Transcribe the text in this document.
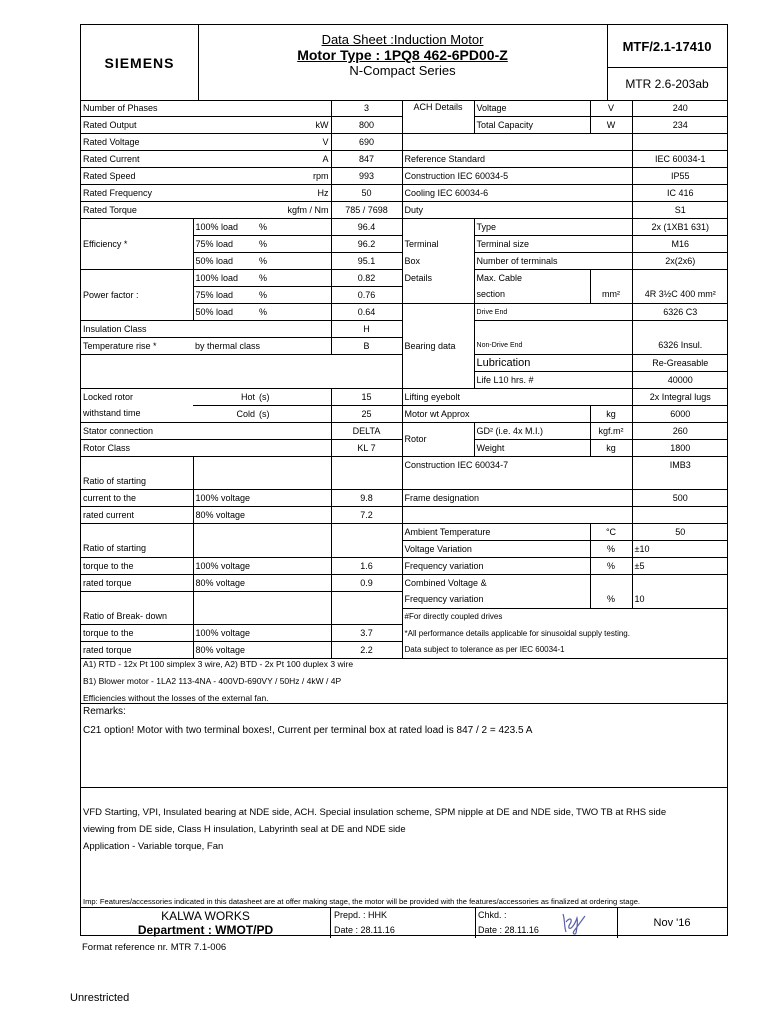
SIEMENS
Data Sheet :Induction Motor
Motor Type : 1PQ8 462-6PD00-Z
N-Compact Series
MTF/2.1-17410
MTR 2.6-203ab
Number of Phases			3	ACH Details	Voltage	V	240
Rated Output		kW	800		Total Capacity	W	234
Rated Voltage		V	690				
Rated Current		A	847	Reference Standard			IEC 60034-1
Rated Speed		rpm	993	Construction IEC 60034-5			IP55
Rated Frequency		Hz	50	Cooling IEC 60034-6			IC 416
Rated Torque		kgfm / Nm	785 / 7698	Duty			S1
Efficiency *	100% load	%	96.4		Type		2x (1XB1 631)
	75% load	%	96.2	Terminal	Terminal size		M16
	50% load	%	95.1	Box	Number of terminals		2x(2x6)
Power factor :	100% load	%	0.82	Details	Max. Cable		
	75% load	%	0.76		section	mm²	4R 3½C 400 mm²
	50% load	%	0.64	Bearing data	Drive End		6326 C3
Insulation Class			H				
Temperature rise *	by thermal class		B		Non-Drive End		6326 Insul.
					Lubrication		Re-Greasable
					Life L10 hrs. #		40000
Locked rotor	Hot	(s)	15	Lifting eyebolt			2x Integral lugs
withstand time	Cold	(s)	25	Motor wt Approx		kg	6000
Stator connection			DELTA	Rotor	GD² (i.e. 4x M.I.)	kgf.m²	260
Rotor Class			KL 7		Weight	kg	1800
				Construction IEC 60034-7			IMB3
Ratio of starting							
current to the	100% voltage		9.8	Frame designation			500
rated current	80% voltage		7.2				
				Ambient Temperature		°C	50
Ratio of starting				Voltage Variation		%	±10
torque to the	100% voltage		1.6	Frequency variation		%	±5
rated torque	80% voltage		0.9	Combined Voltage &			
				Frequency variation		%	10
Ratio of Break- down				#For directly coupled drives			
torque to the	100% voltage		3.7	*All performance details applicable for sinusoidal supply testing.			
rated torque	80% voltage		2.2	Data subject to tolerance as per IEC 60034-1			
A1) RTD - 12x Pt 100 simplex 3 wire, A2) BTD - 2x Pt 100 duplex 3 wire
B1) Blower motor - 1LA2 113-4NA - 400VD-690VY / 50Hz / 4kW / 4P
Efficiencies without the losses of the external fan.
Remarks:
C21 option! Motor with two terminal boxes!, Current per terminal box at rated load is 847 / 2 = 423.5 A
VFD Starting, VPI, Insulated bearing at NDE side, ACH. Special insulation scheme, SPM nipple at DE and NDE side, TWO TB at RHS side
viewing from DE side, Class H insulation, Labyrinth seal at DE and NDE side
Application - Variable torque, Fan
Imp: Features/accessories indicated in this datasheet are at offer making stage, the motor will be provided with the features/accessories as finalized at ordering stage.
KALWA WORKS
Department : WMOT/PD
Prepd. : HHK
Date : 28.11.16
Chkd. :
Date : 28.11.16
Nov '16
Format reference nr. MTR 7.1-006
Unrestricted
